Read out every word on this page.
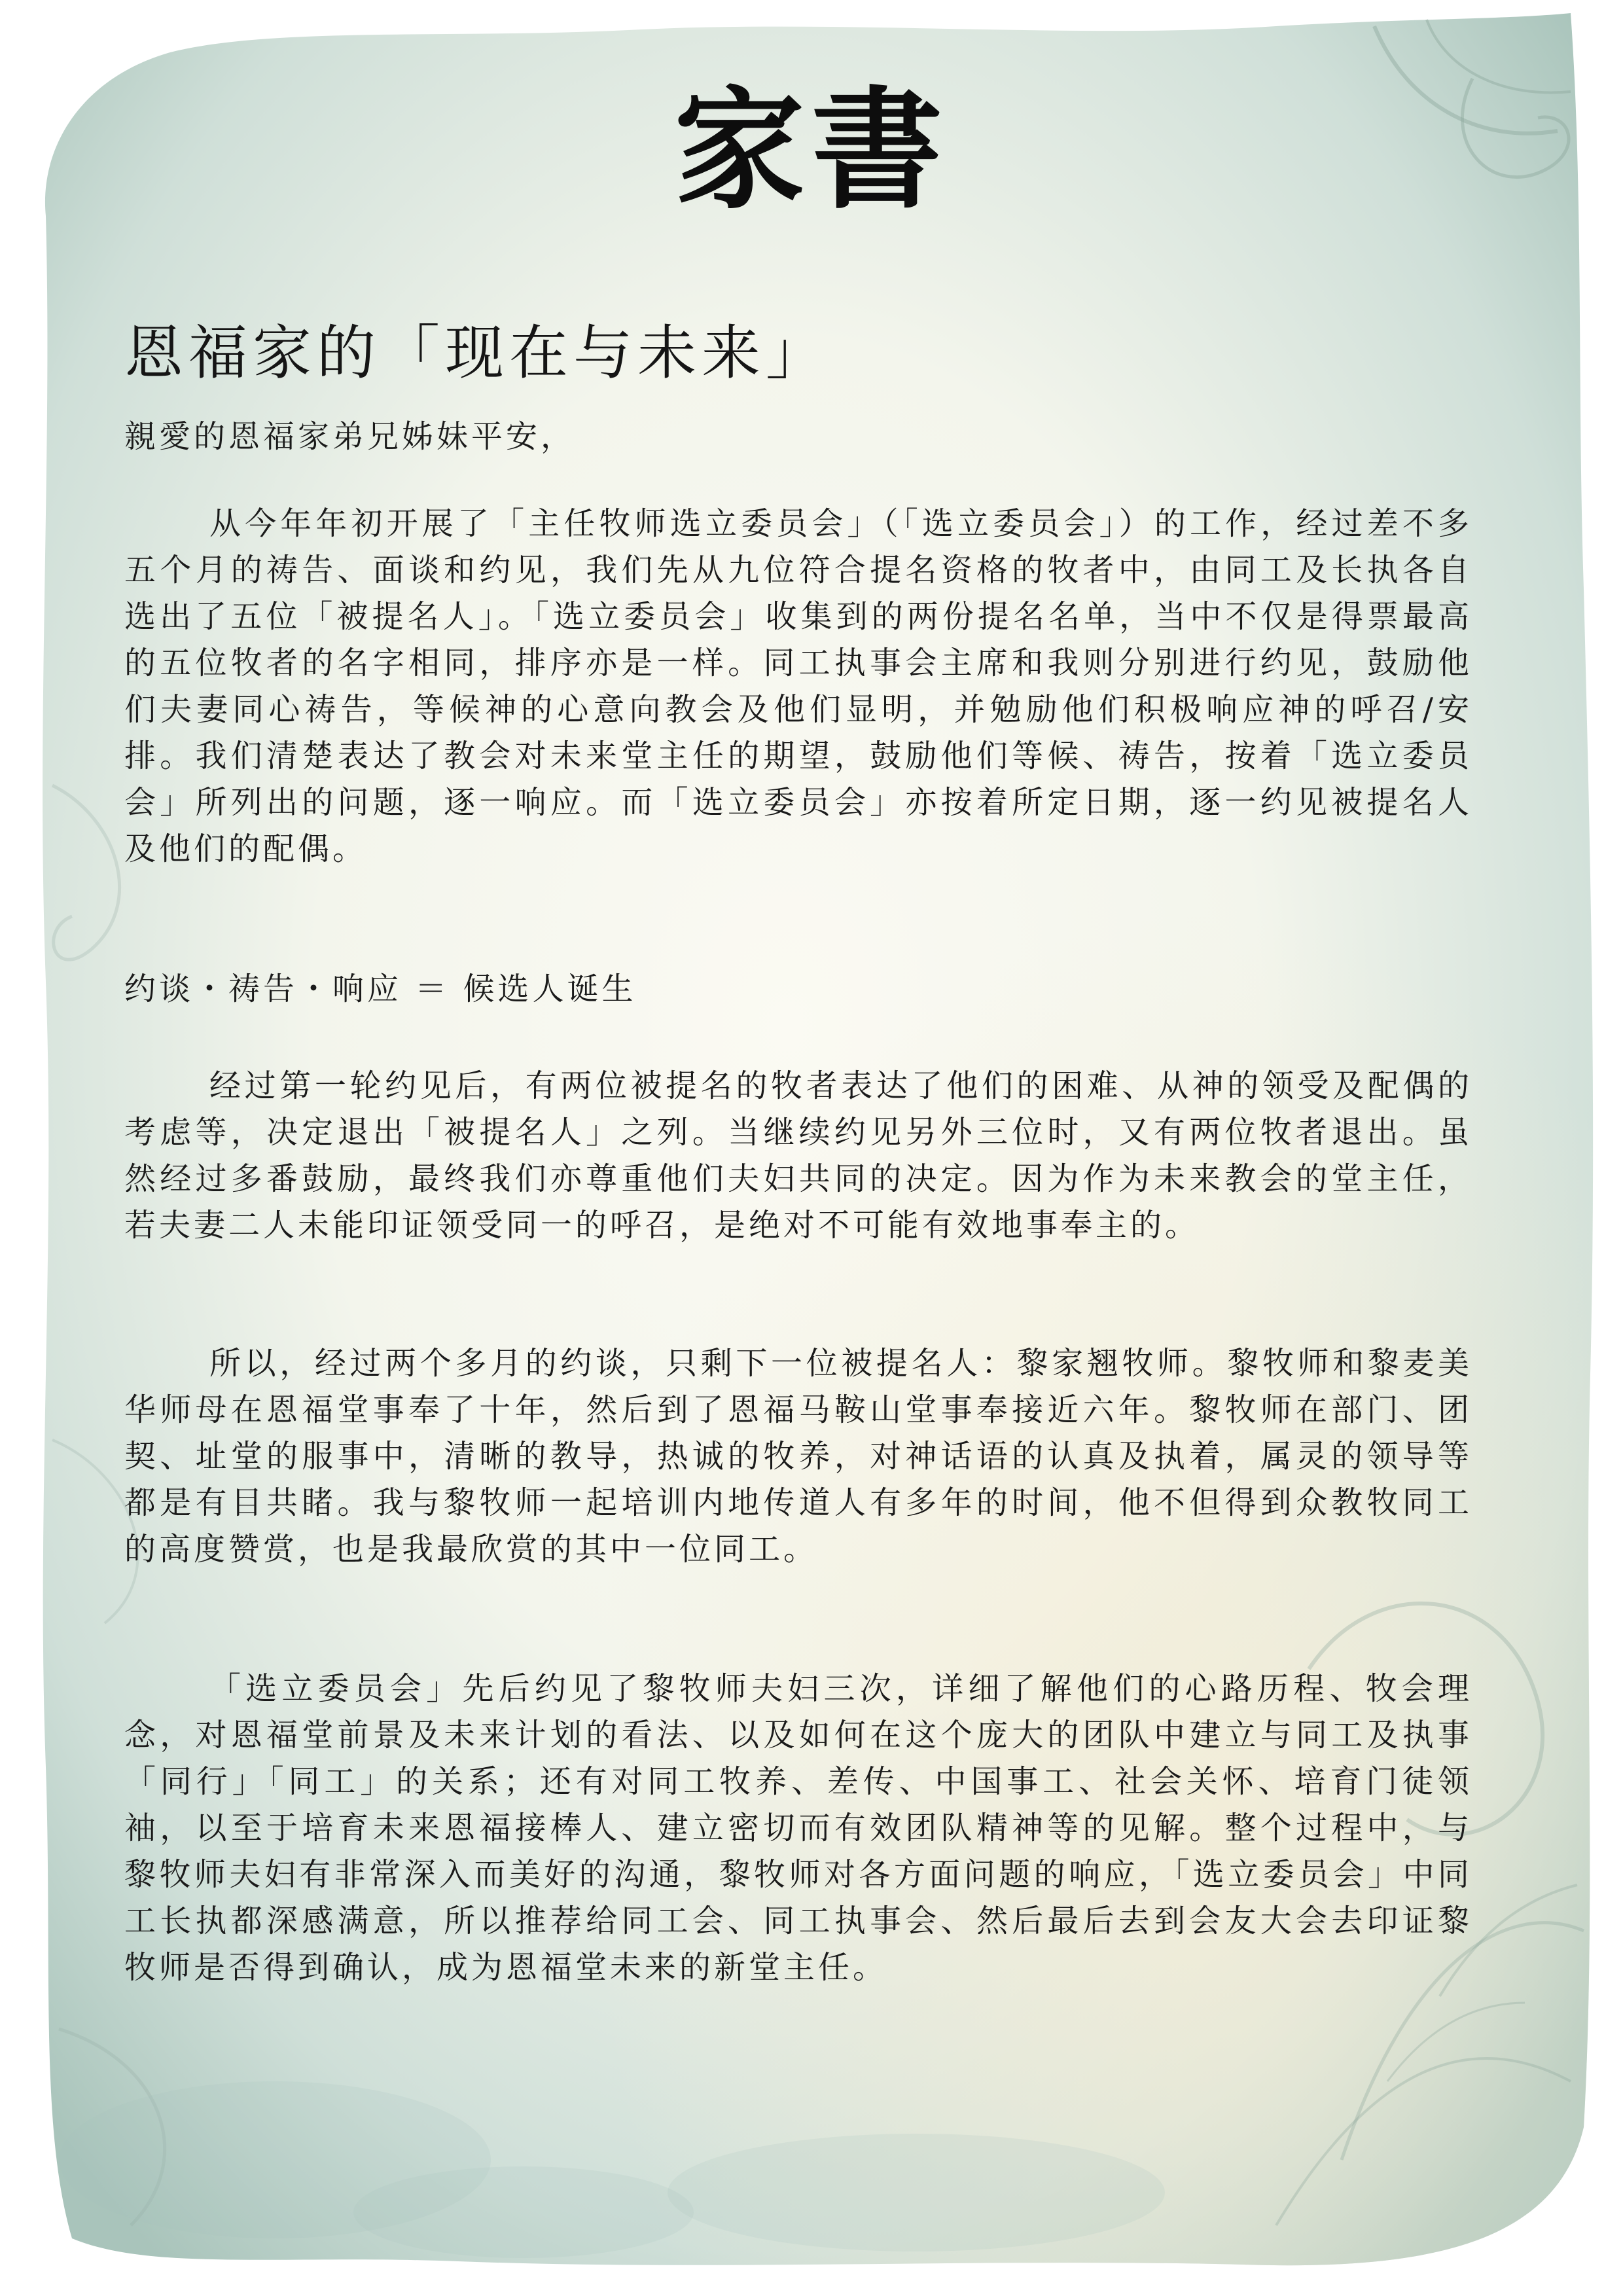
家書
恩福家的「现在与未来」
親愛的恩福家弟兄姊妹平安，
从今年年初开展了「主任牧师选立委员会」（「选立委员会」）的工作，经过差不多五个月的祷告、面谈和约见，我们先从九位符合提名资格的牧者中，由同工及长执各自选出了五位「被提名人」。「选立委员会」收集到的两份提名名单，当中不仅是得票最高的五位牧者的名字相同，排序亦是一样。同工执事会主席和我则分别进行约见，鼓励他们夫妻同心祷告，等候神的心意向教会及他们显明，并勉励他们积极响应神的呼召/安排。我们清楚表达了教会对未来堂主任的期望，鼓励他们等候、祷告，按着「选立委员会」所列出的问题，逐一响应。而「选立委员会」亦按着所定日期，逐一约见被提名人及他们的配偶。
约谈・祷告・响应 ＝ 候选人诞生
经过第一轮约见后，有两位被提名的牧者表达了他们的困难、从神的领受及配偶的考虑等，决定退出「被提名人」之列。当继续约见另外三位时，又有两位牧者退出。虽然经过多番鼓励，最终我们亦尊重他们夫妇共同的决定。因为作为未来教会的堂主任，若夫妻二人未能印证领受同一的呼召，是绝对不可能有效地事奉主的。
所以，经过两个多月的约谈，只剩下一位被提名人：黎家翘牧师。黎牧师和黎麦美华师母在恩福堂事奉了十年，然后到了恩福马鞍山堂事奉接近六年。黎牧师在部门、团契、址堂的服事中，清晰的教导，热诚的牧养，对神话语的认真及执着，属灵的领导等都是有目共睹。我与黎牧师一起培训内地传道人有多年的时间，他不但得到众教牧同工的高度赞赏，也是我最欣赏的其中一位同工。
「选立委员会」先后约见了黎牧师夫妇三次，详细了解他们的心路历程、牧会理念，对恩福堂前景及未来计划的看法、以及如何在这个庞大的团队中建立与同工及执事「同行」「同工」的关系；还有对同工牧养、差传、中国事工、社会关怀、培育门徒领袖，以至于培育未来恩福接棒人、建立密切而有效团队精神等的见解。整个过程中，与黎牧师夫妇有非常深入而美好的沟通，黎牧师对各方面问题的响应，「选立委员会」中同工长执都深感满意，所以推荐给同工会、同工执事会、然后最后去到会友大会去印证黎牧师是否得到确认，成为恩福堂未来的新堂主任。
